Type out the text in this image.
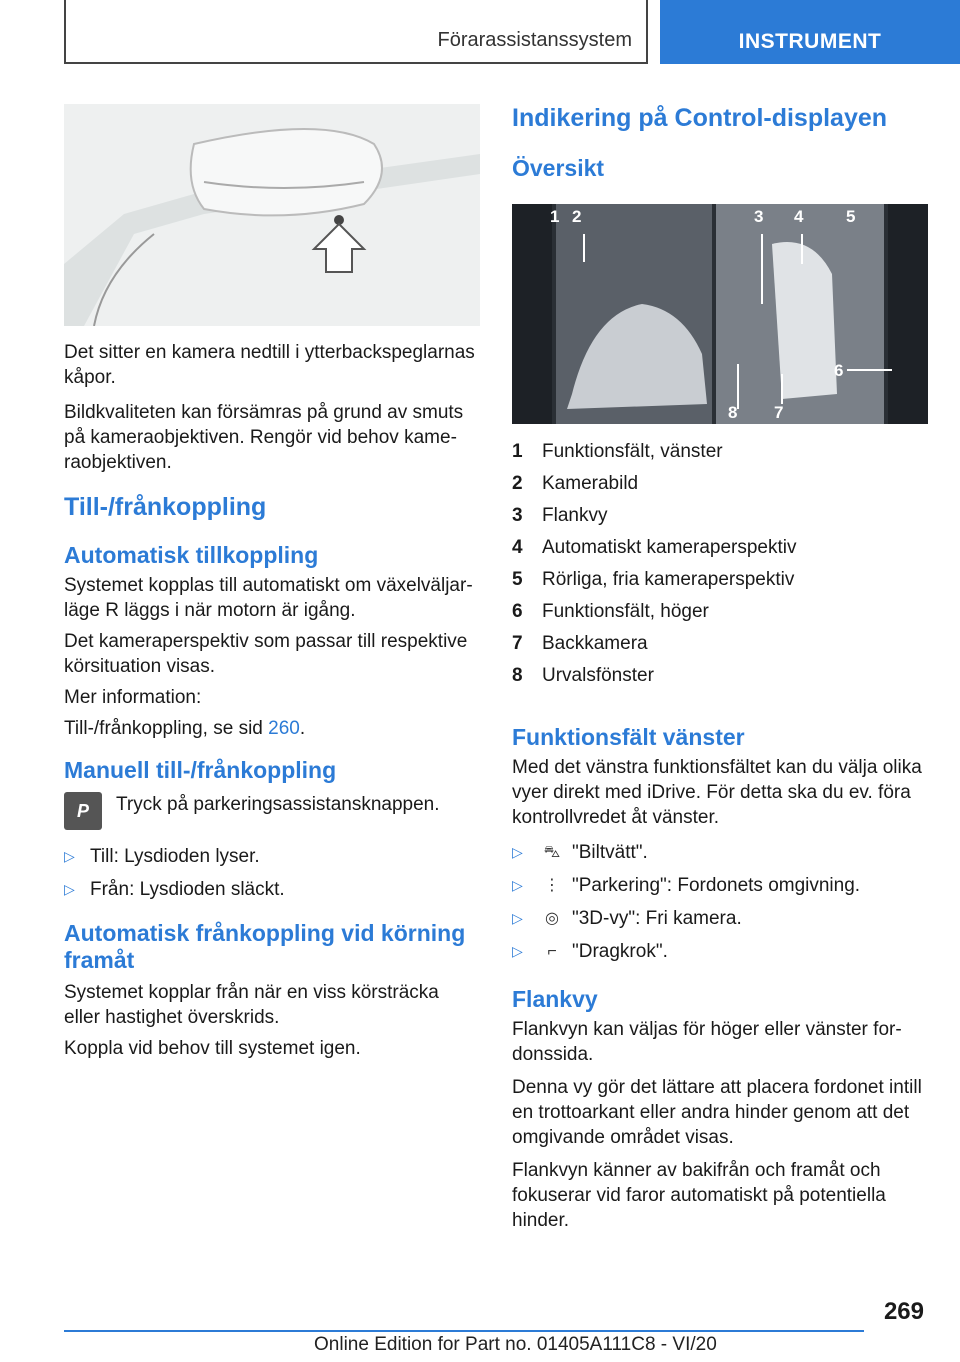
Förarassistanssystem	INSTRUMENT

Det sitter en kamera nedtill i ytterbackspeglarnas kåpor.

Bildkvaliteten kan försämras på grund av smuts på kameraobjektiven. Rengör vid behov kameraobjektiven.

Till-/frånkoppling
Automatisk tillkoppling

Systemet kopplas till automatiskt om växelväljarläge R läggs i när motorn är igång.

Det kameraperspektiv som passar till respektive körsituation visas.

Mer information:

Till-/frånkoppling, se sid 260.

Manuell till-/frånkoppling
P	Tryck på parkeringsassistansknappen.

▷ Till: Lysdioden lyser.
▷ Från: Lysdioden släckt.
Automatisk frånkoppling vid körning framåt

Systemet kopplar från när en viss körsträcka eller hastighet överskrids.

Koppla vid behov till systemet igen.

Indikering på Control-displayen
Översikt
1 2	3 4	5
6
7
8
1	Funktionsfält, vänster
2	Kamerabild
3	Flankvy
4	Automatiskt kameraperspektiv
5	Rörliga, fria kameraperspektiv
6	Funktionsfält, höger
7	Backkamera
8	Urvalsfönster
Funktionsfält vänster

Med det vänstra funktionsfältet kan du välja olika vyer direkt med iDrive. För detta ska du ev. föra kontrollvredet åt vänster.

▷	⛍ "Biltvätt".
▷	⋮ "Parkering": Fordonets omgivning.
▷	◎ "3D-vy": Fri kamera.
▷	⌐ "Dragkrok".
Flankvy

Flankvyn kan väljas för höger eller vänster fordonssida.

Denna vy gör det lättare att placera fordonet intill en trottoarkant eller andra hinder genom att det omgivande området visas.

Flankvyn känner av bakifrån och framåt och fokuserar vid faror automatiskt på potentiella hinder.

269
Online Edition for Part no. 01405A111C8 - VI/20
